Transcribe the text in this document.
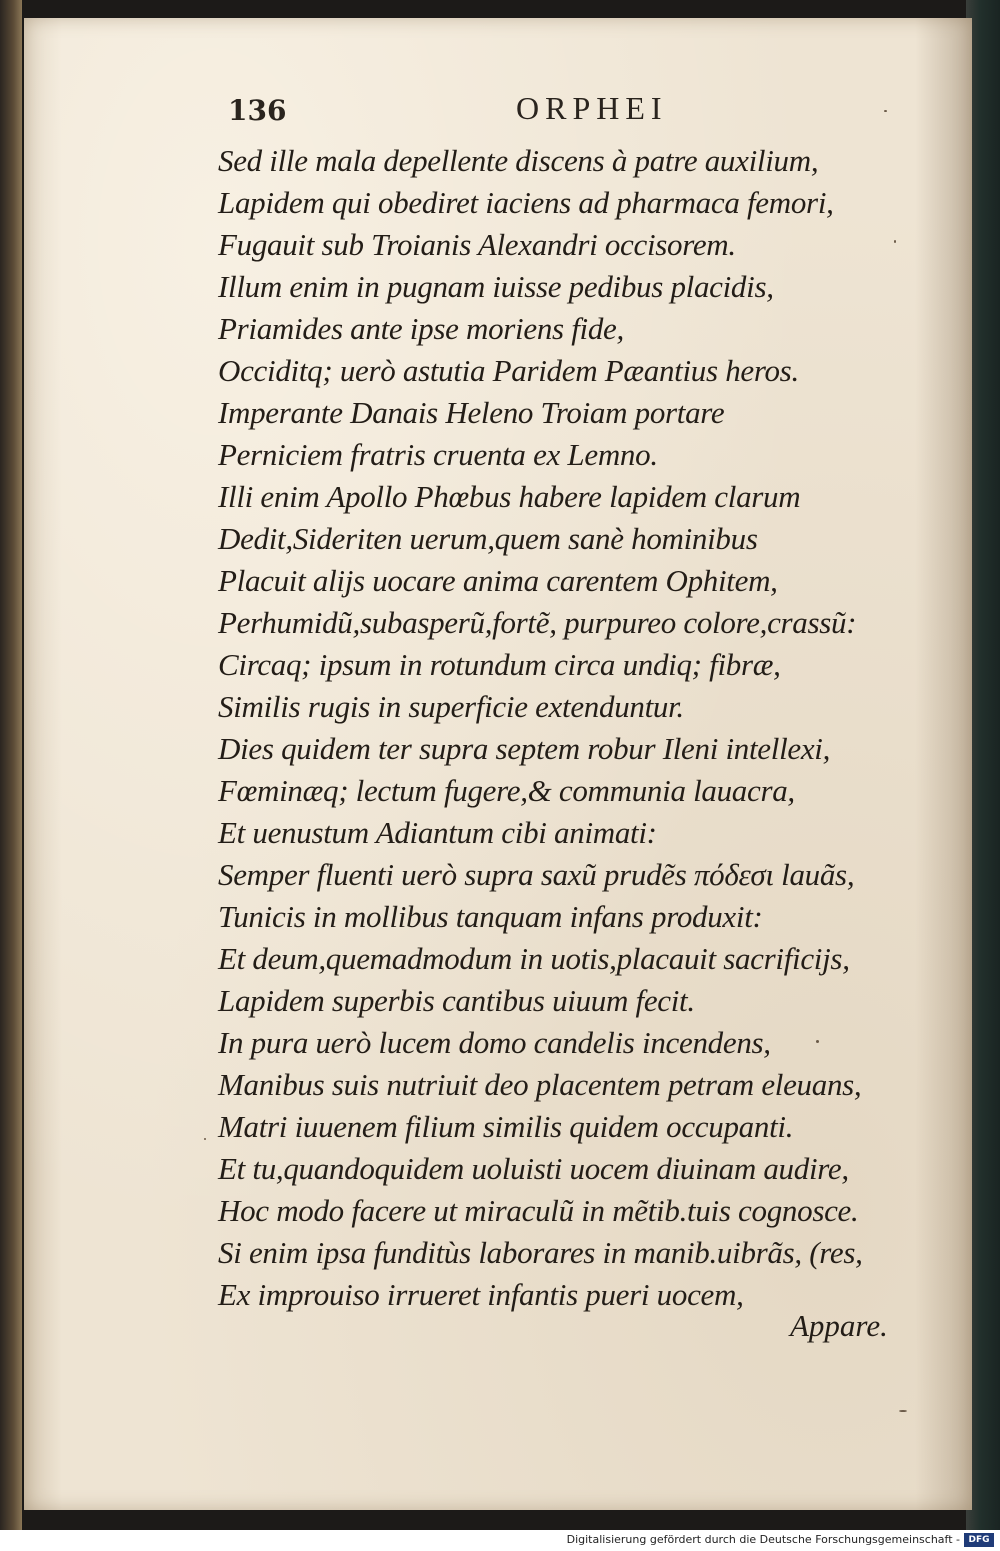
136	ORPHEI
Sed ille mala depellente discens à patre auxilium,
Lapidem qui obediret iaciens ad pharmaca femori,
Fugauit sub Troianis Alexandri occisorem.
Illum enim in pugnam iuisse pedibus placidis,
Priamides ante ipse moriens fide,
Occiditq; uerò astutia Paridem Pæantius heros.
Imperante Danais Heleno Troiam portare
Perniciem fratris cruenta ex Lemno.
Illi enim Apollo Phœbus habere lapidem clarum
Dedit,Sideriten uerum,quem sanè hominibus
Placuit alijs uocare anima carentem Ophitem,
Perhumidũ,subasperũ,fortẽ, purpureo colore,crassũ:
Circaq; ipsum in rotundum circa undiq; fibræ,
Similis rugis in superficie extenduntur.
Dies quidem ter supra septem robur Ileni intellexi,
Fœminæq; lectum fugere,& communia lauacra,
Et uenustum Adiantum cibi animati:
Semper fluenti uerò supra saxũ prudẽs πόδεσι lauãs,
Tunicis in mollibus tanquam infans produxit:
Et deum,quemadmodum in uotis,placauit sacrificijs,
Lapidem superbis cantibus uiuum fecit.
In pura uerò lucem domo candelis incendens,
Manibus suis nutriuit deo placentem petram eleuans,
Matri iuuenem filium similis quidem occupanti.
Et tu,quandoquidem uoluisti uocem diuinam audire,
Hoc modo facere ut miraculũ in mẽtib.tuis cognosce.
Si enim ipsa funditùs laborares in manib.uibrãs, (res,
Ex improuiso irrueret infantis pueri uocem,
Appare.
Digitalisierung gefördert durch die Deutsche Forschungsgemeinschaft - DFG
